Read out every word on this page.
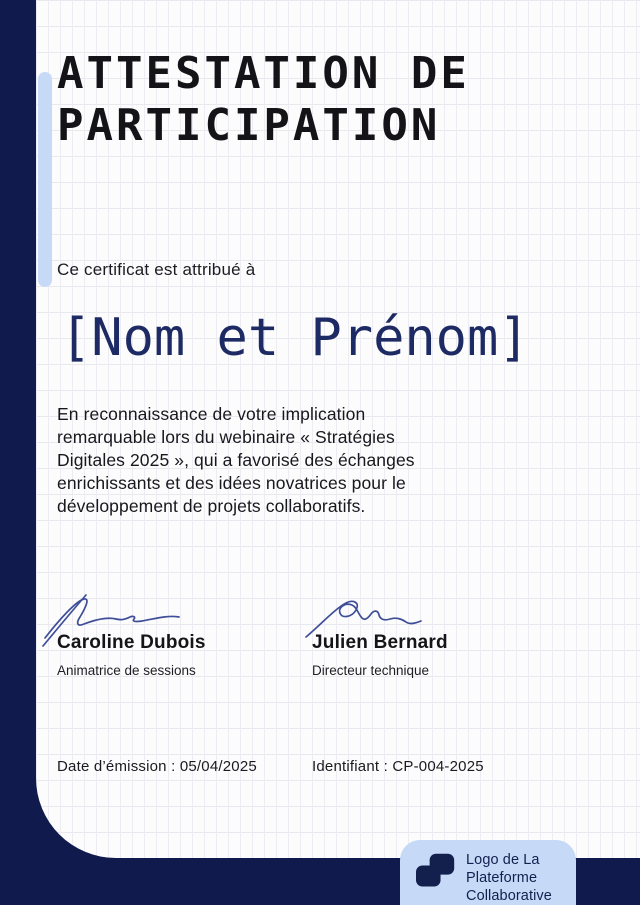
ATTESTATION DE PARTICIPATION
Ce certificat est attribué à
[Nom et Prénom]

En reconnaissance de votre implication remarquable lors du webinaire « Stratégies Digitales 2025 », qui a favorisé des échanges enrichissants et des idées novatrices pour le développement de projets collaboratifs.

Caroline Dubois
Animatrice de sessions
Julien Bernard
Directeur technique
Date d’émission : 05/04/2025	Identifiant : CP-004-2025
Logo de La
Plateforme
Collaborative
